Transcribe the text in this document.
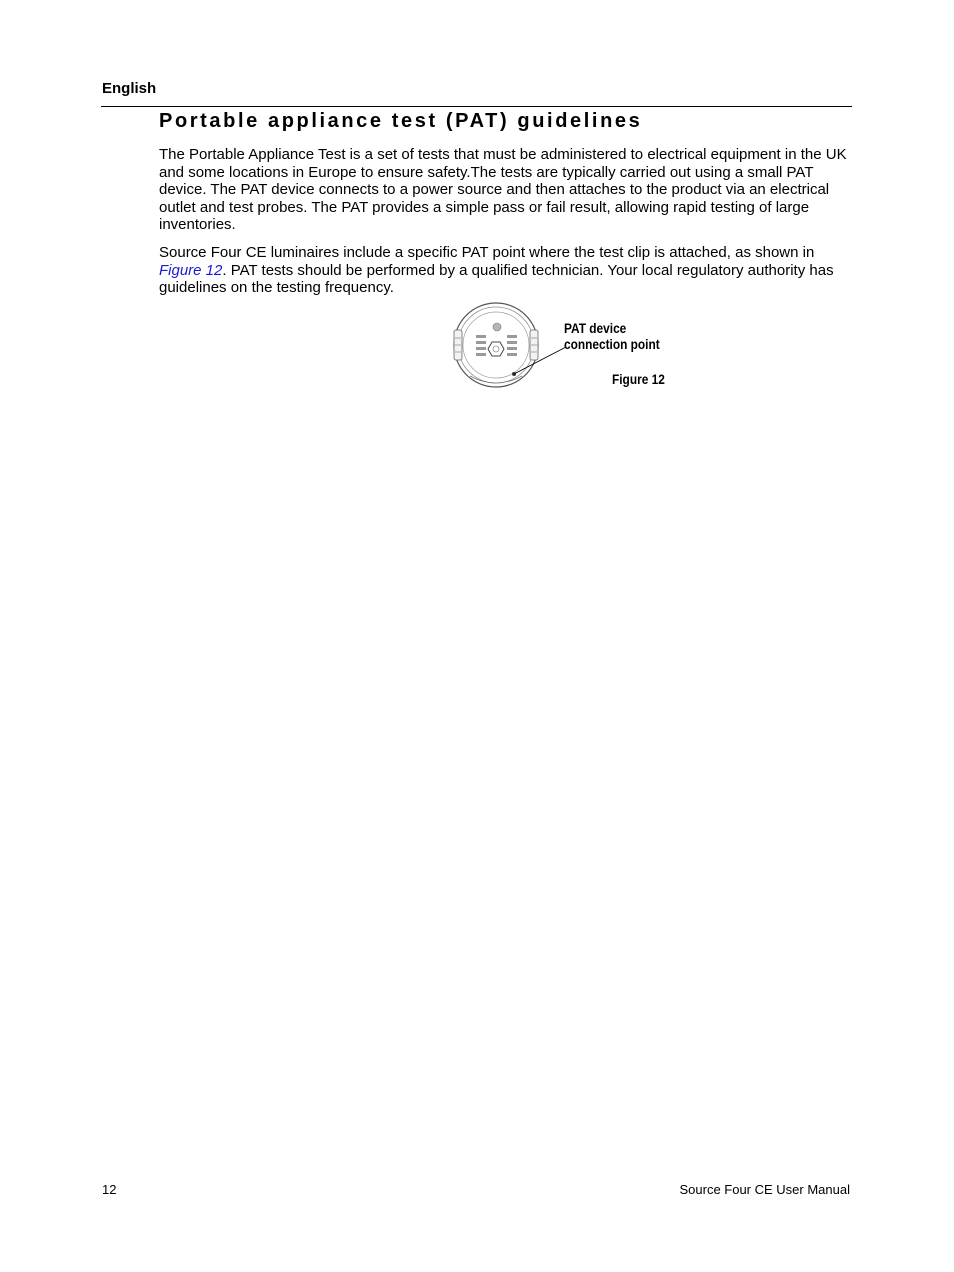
English
Portable appliance test (PAT) guidelines

The Portable Appliance Test is a set of tests that must be administered to electrical equipment in the UK and some locations in Europe to ensure safety.The tests are typically carried out using a small PAT device. The PAT device connects to a power source and then attaches to the product via an electrical outlet and test probes. The PAT provides a simple pass or fail result, allowing rapid testing of large inventories.

Source Four CE luminaires include a specific PAT point where the test clip is attached, as shown in Figure 12. PAT tests should be performed by a qualified technician. Your local regulatory authority has guidelines on the testing frequency.

PAT device
connection point
Figure 12
12	Source Four CE User Manual
